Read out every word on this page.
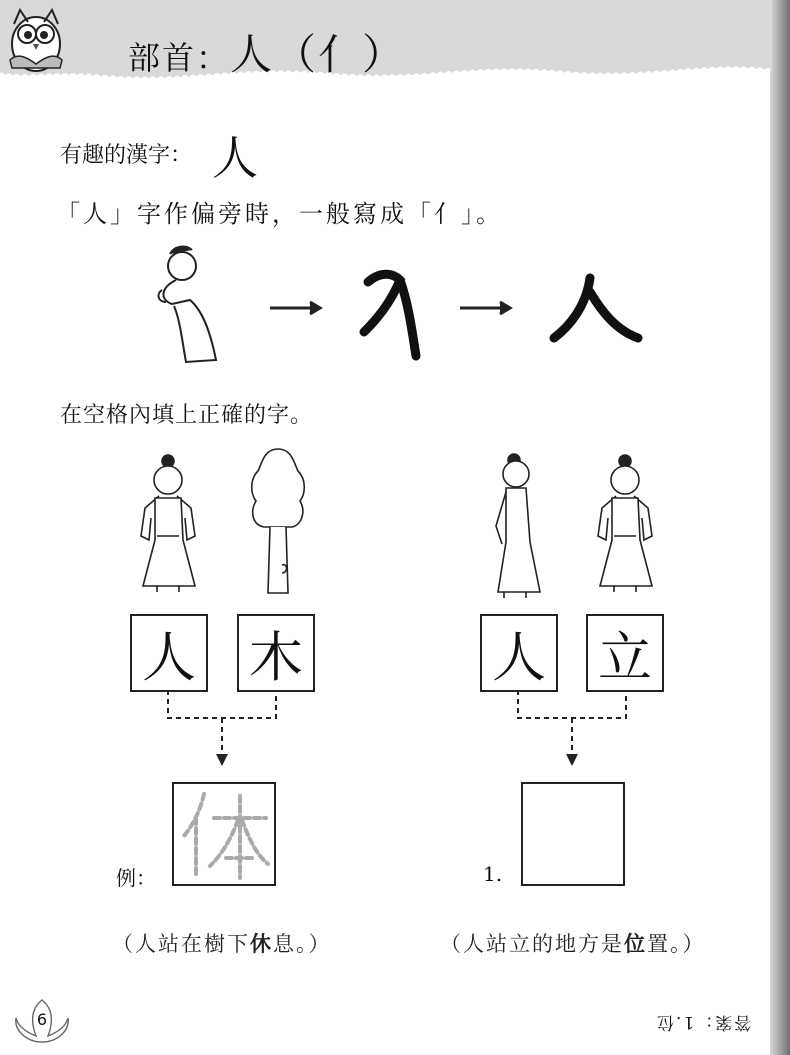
部首：人（亻）
有趣的漢字： 人
「人」字作偏旁時，一般寫成「亻」。
在空格內填上正確的字。
人 木	人 立
例：	1.
（人站在樹下休息。）	（人站立的地方是位置。）
6	答案：1.位
